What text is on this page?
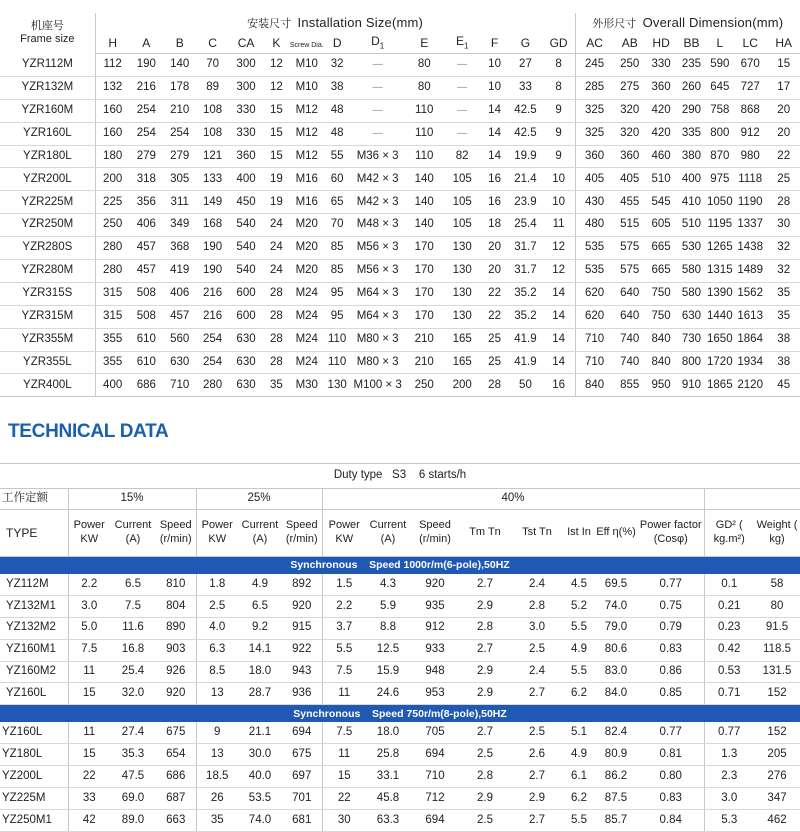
机座号
Frame size	安装尺寸 Installation Size(mm)														外形尺寸 Overall Dimension(mm)						
	H	A	B	C	CA	K	Screw Dia.	D	$D_1$	E	$E_1$	F	G	GD	AC	AB	HD	BB	L	LC	HA
YZR112M	112	190	140	70	300	12	M10	32	—	80	—	10	27	8	245	250	330	235	590	670	15
YZR132M	132	216	178	89	300	12	M10	38	—	80	—	10	33	8	285	275	360	260	645	727	17
YZR160M	160	254	210	108	330	15	M12	48	—	110	—	14	42.5	9	325	320	420	290	758	868	20
YZR160L	160	254	254	108	330	15	M12	48	—	110	—	14	42.5	9	325	320	420	335	800	912	20
YZR180L	180	279	279	121	360	15	M12	55	M36 × 3	110	82	14	19.9	9	360	360	460	380	870	980	22
YZR200L	200	318	305	133	400	19	M16	60	M42 × 3	140	105	16	21.4	10	405	405	510	400	975	1118	25
YZR225M	225	356	311	149	450	19	M16	65	M42 × 3	140	105	16	23.9	10	430	455	545	410	1050	1190	28
YZR250M	250	406	349	168	540	24	M20	70	M48 × 3	140	105	18	25.4	11	480	515	605	510	1195	1337	30
YZR280S	280	457	368	190	540	24	M20	85	M56 × 3	170	130	20	31.7	12	535	575	665	530	1265	1438	32
YZR280M	280	457	419	190	540	24	M20	85	M56 × 3	170	130	20	31.7	12	535	575	665	580	1315	1489	32
YZR315S	315	508	406	216	600	28	M24	95	M64 × 3	170	130	22	35.2	14	620	640	750	580	1390	1562	35
YZR315M	315	508	457	216	600	28	M24	95	M64 × 3	170	130	22	35.2	14	620	640	750	630	1440	1613	35
YZR355M	355	610	560	254	630	28	M24	110	M80 × 3	210	165	25	41.9	14	710	740	840	730	1650	1864	38
YZR355L	355	610	630	254	630	28	M24	110	M80 × 3	210	165	25	41.9	14	710	740	840	800	1720	1934	38
YZR400L	400	686	710	280	630	35	M30	130	M100 × 3	250	200	28	50	16	840	855	950	910	1865	2120	45
TECHNICAL DATA
Duty type   S3    6 starts/h																
工作定额	15%			25%			40%									
TYPE	Power KW	Current (A)	Speed (r/min)	Power KW	Current (A)	Speed (r/min)	Power KW	Current (A)	Speed (r/min)	Tm Tn	Tst Tn	Ist In	Eff η(%)	Power factor (Cosφ)	GD² ( kg.m²)	Weight ( kg)
Synchronous    Speed 1000r/m(6-pole),50HZ																
YZ112M	2.2	6.5	810	1.8	4.9	892	1.5	4.3	920	2.7	2.4	4.5	69.5	0.77	0.1	58
YZ132M1	3.0	7.5	804	2.5	6.5	920	2.2	5.9	935	2.9	2.8	5.2	74.0	0.75	0.21	80
YZ132M2	5.0	11.6	890	4.0	9.2	915	3.7	8.8	912	2.8	3.0	5.5	79.0	0.79	0.23	91.5
YZ160M1	7.5	16.8	903	6.3	14.1	922	5.5	12.5	933	2.7	2.5	4.9	80.6	0.83	0.42	118.5
YZ160M2	11	25.4	926	8.5	18.0	943	7.5	15.9	948	2.9	2.4	5.5	83.0	0.86	0.53	131.5
YZ160L	15	32.0	920	13	28.7	936	11	24.6	953	2.9	2.7	6.2	84.0	0.85	0.71	152
Synchronous    Speed 750r/m(8-pole),50HZ																
YZ160L	11	27.4	675	9	21.1	694	7.5	18.0	705	2.7	2.5	5.1	82.4	0.77	0.77	152
YZ180L	15	35.3	654	13	30.0	675	11	25.8	694	2.5	2.6	4.9	80.9	0.81	1.3	205
YZ200L	22	47.5	686	18.5	40.0	697	15	33.1	710	2.8	2.7	6.1	86.2	0.80	2.3	276
YZ225M	33	69.0	687	26	53.5	701	22	45.8	712	2.9	2.9	6.2	87.5	0.83	3.0	347
YZ250M1	42	89.0	663	35	74.0	681	30	63.3	694	2.5	2.7	5.5	85.7	0.84	5.3	462
